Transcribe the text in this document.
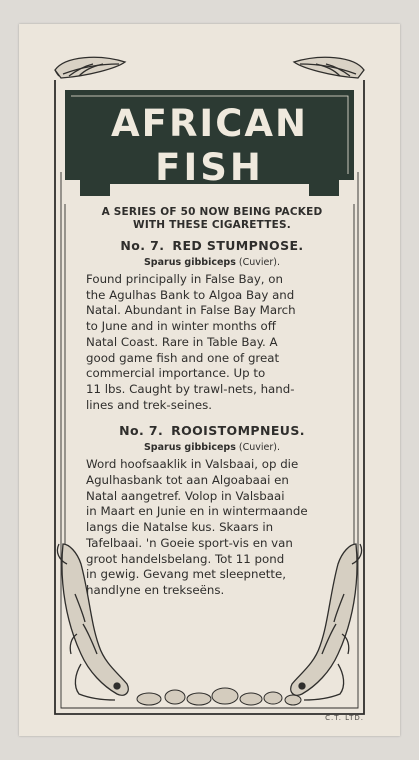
AFRICAN
FISH
A SERIES OF 50 NOW BEING PACKED
WITH THESE CIGARETTES.
No. 7. RED STUMPNOSE.
Sparus gibbiceps (Cuvier).
Found principally in False Bay, on
the Agulhas Bank to Algoa Bay and
Natal. Abundant in False Bay March
to June and in winter months off
Natal Coast. Rare in Table Bay. A
good game fish and one of great
commercial importance. Up to
11 lbs. Caught by trawl-nets, hand-
lines and trek-seines.
No. 7. ROOISTOMPNEUS.
Sparus gibbiceps (Cuvier).
Word hoofsaaklik in Valsbaai, op die
Agulhasbank tot aan Algoabaai en
Natal aangetref. Volop in Valsbaai
in Maart en Junie en in wintermaande
langs die Natalse kus. Skaars in
Tafelbaai. 'n Goeie sport-vis en van
groot handelsbelang. Tot 11 pond
in gewig. Gevang met sleepnette,
handlyne en trekseëns.
C.T. LTD.
